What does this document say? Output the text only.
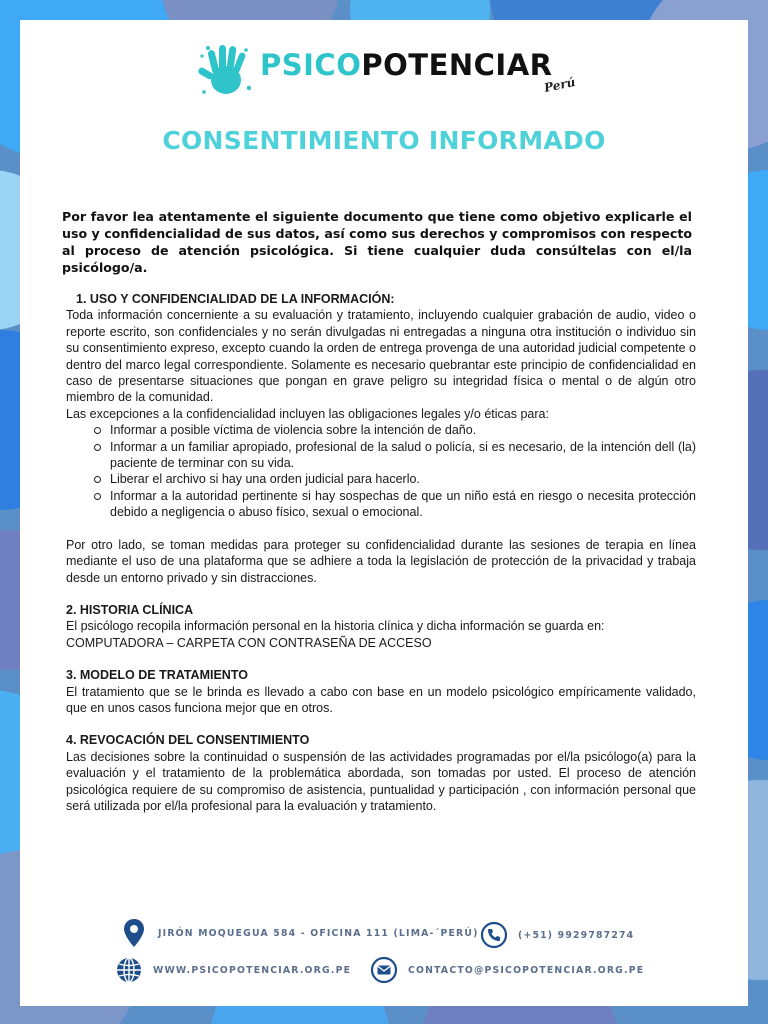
PSICOPOTENCIAR
Perú
CONSENTIMIENTO INFORMADO
Por favor lea atentamente el siguiente documento que tiene como objetivo explicarle el uso y confidencialidad de sus datos, así como sus derechos y compromisos con respecto al proceso de atención psicológica. Si tiene cualquier duda consúltelas con el/la psicólogo/a.

1. USO Y CONFIDENCIALIDAD DE LA INFORMACIÓN:

Toda información concerniente a su evaluación y tratamiento, incluyendo cualquier grabación de audio, video o reporte escrito, son confidenciales y no serán divulgadas ni entregadas a ninguna otra institución o individuo sin su consentimiento expreso, excepto cuando la orden de entrega provenga de una autoridad judicial competente o dentro del marco legal correspondiente. Solamente es necesario quebrantar este principio de confidencialidad en caso de presentarse situaciones que pongan en grave peligro su integridad física o mental o de algún otro miembro de la comunidad.

Las excepciones a la confidencialidad incluyen las obligaciones legales y/o éticas para:

Informar a posible víctima de violencia sobre la intención de daño.
Informar a un familiar apropiado, profesional de la salud o policía, si es necesario, de la intención dell (la) paciente de terminar con su vida.
Liberar el archivo si hay una orden judicial para hacerlo.
Informar a la autoridad pertinente si hay sospechas de que un niño está en riesgo o necesita protección debido a negligencia o abuso físico, sexual o emocional.

Por otro lado, se toman medidas para proteger su confidencialidad durante las sesiones de terapia en línea mediante el uso de una plataforma que se adhiere a toda la legislación de protección de la privacidad y trabaja desde un entorno privado y sin distracciones.

2. HISTORIA CLÍNICA

El psicólogo recopila información personal en la historia clínica y dicha información se guarda en:

COMPUTADORA – CARPETA CON CONTRASEÑA DE ACCESO

3. MODELO DE TRATAMIENTO

El tratamiento que se le brinda es llevado a cabo con base en un modelo psicológico empíricamente validado, que en unos casos funciona mejor que en otros.

4. REVOCACIÓN DEL CONSENTIMIENTO

Las decisiones sobre la continuidad o suspensión de las actividades programadas por el/la psicólogo(a) para la evaluación y el tratamiento de la problemática abordada, son tomadas por usted. El proceso de atención psicológica requiere de su compromiso de asistencia, puntualidad y participación , con información personal que será utilizada por el/la profesional para la evaluación y tratamiento.

JIRÓN MOQUEGUA 584 - OFICINA 111 (LIMA-´PERÚ)	(+51) 9929787274
WWW.PSICOPOTENCIAR.ORG.PE	CONTACTO@PSICOPOTENCIAR.ORG.PE
